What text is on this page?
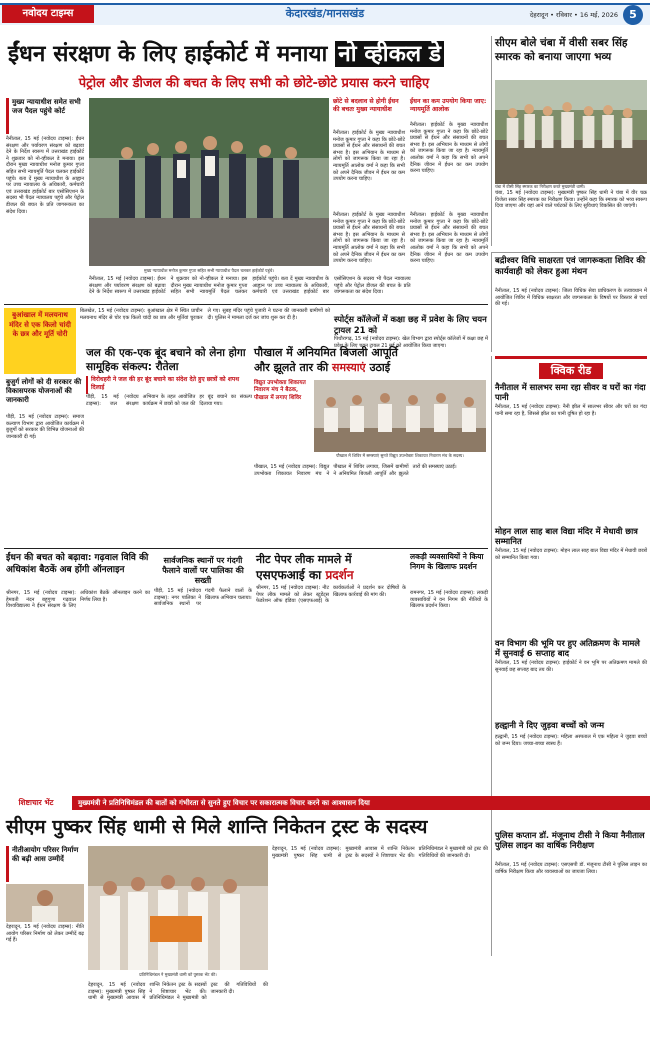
नवोदय टाइम्स	केदारखंड/मानसखंड	देहरादून • रविवार • 16 मई, 2026	5
ईंधन संरक्षण के लिए हाईकोर्ट में मनाया नो व्हीकल डे
पेट्रोल और डीजल की बचत के लिए सभी को छोटे-छोटे प्रयास करने चाहिए
सीएम बोले चंबा में वीसी सबर सिंह स्मारक को बनाया जाएगा भव्य
चंबा में वीसी सिंह स्मारक का निरीक्षण करते मुख्यमंत्री धामी।
चंबा, 15 मई (नवोदय टाइम्स): मुख्यमंत्री पुष्कर सिंह धामी ने चंबा में वीर चक्र विजेता सबर सिंह स्मारक का निरीक्षण किया। उन्होंने कहा कि स्मारक को भव्य स्वरूप दिया जाएगा और यहां आने वाले पर्यटकों के लिए सुविधाएं विकसित की जाएंगी।
मुख्य न्यायाधीश समेत सभी जज पैदल पहुंचे कोर्ट
नैनीताल, 15 मई (नवोदय टाइम्स): ईंधन संरक्षण और पर्यावरण संरक्षण को बढ़ावा देने के निर्देश स्वरूप में उत्तराखंड हाईकोर्ट ने शुक्रवार को नो-व्हीकल डे मनाया। इस दौरान मुख्य न्यायाधीश मनोज कुमार गुप्ता सहित सभी न्यायमूर्ति पैदल चलकर हाईकोर्ट पहुंचे। बता दें मुख्य न्यायाधीश के आह्वान पर उच्च न्यायालय के अधिकारी, कर्मचारी एवं उत्तराखंड हाईकोर्ट बार एसोसिएशन के सदस्य भी पैदल न्यायालय पहुंचे और पेट्रोल डीजल की बचत के प्रति जागरूकता का संदेश दिया।
मुख्य न्यायाधीश मनोज कुमार गुप्ता सहित सभी न्यायाधीश पैदल चलकर हाईकोर्ट पहुंचे।
छोटे से बदलाव से होगी ईंधन की बचतः मुख्य न्यायाधीश
नैनीताल। हाईकोर्ट के मुख्य न्यायाधीश मनोज कुमार गुप्ता ने कहा कि छोटे-छोटे प्रयासों से ईंधन और संसाधनों की बचत संभव है। इस अभियान के माध्यम से लोगों को जागरूक किया जा रहा है। न्यायमूर्ति आलोक वर्मा ने कहा कि सभी को अपने दैनिक जीवन में ईंधन का कम उपयोग करना चाहिए।
ईंधन का कम उपयोग किया जाए: न्यायमूर्ति आलोक
नैनीताल। हाईकोर्ट के मुख्य न्यायाधीश मनोज कुमार गुप्ता ने कहा कि छोटे-छोटे प्रयासों से ईंधन और संसाधनों की बचत संभव है। इस अभियान के माध्यम से लोगों को जागरूक किया जा रहा है। न्यायमूर्ति आलोक वर्मा ने कहा कि सभी को अपने दैनिक जीवन में ईंधन का कम उपयोग करना चाहिए।
नैनीताल। हाईकोर्ट के मुख्य न्यायाधीश मनोज कुमार गुप्ता ने कहा कि छोटे-छोटे प्रयासों से ईंधन और संसाधनों की बचत संभव है। इस अभियान के माध्यम से लोगों को जागरूक किया जा रहा है। न्यायमूर्ति आलोक वर्मा ने कहा कि सभी को अपने दैनिक जीवन में ईंधन का कम उपयोग करना चाहिए।
नैनीताल। हाईकोर्ट के मुख्य न्यायाधीश मनोज कुमार गुप्ता ने कहा कि छोटे-छोटे प्रयासों से ईंधन और संसाधनों की बचत संभव है। इस अभियान के माध्यम से लोगों को जागरूक किया जा रहा है। न्यायमूर्ति आलोक वर्मा ने कहा कि सभी को अपने दैनिक जीवन में ईंधन का कम उपयोग करना चाहिए।
नैनीताल, 15 मई (नवोदय टाइम्स): ईंधन संरक्षण और पर्यावरण संरक्षण को बढ़ावा देने के निर्देश स्वरूप में उत्तराखंड हाईकोर्ट ने शुक्रवार को नो-व्हीकल डे मनाया। इस दौरान मुख्य न्यायाधीश मनोज कुमार गुप्ता सहित सभी न्यायमूर्ति पैदल चलकर हाईकोर्ट पहुंचे। बता दें मुख्य न्यायाधीश के आह्वान पर उच्च न्यायालय के अधिकारी, कर्मचारी एवं उत्तराखंड हाईकोर्ट बार एसोसिएशन के सदस्य भी पैदल न्यायालय पहुंचे और पेट्रोल डीजल की बचत के प्रति जागरूकता का संदेश दिया।
बुआंखाल में मलयनाथ मंदिर से एक किलो चांदी के छत्र और मूर्ति चोरी
बिलखेत, 15 मई (नवोदय टाइम्स): बुआंखाल क्षेत्र में स्थित प्राचीन मलयनाथ मंदिर से चोर एक किलो चांदी का छत्र और मूर्तियां चुराकर ले गए। सुबह मंदिर पहुंचे पुजारी ने घटना की जानकारी ग्रामीणों को दी। पुलिस ने मामला दर्ज कर जांच शुरू कर दी है।	स्पोर्ट्स कॉलेजों में कक्षा छह में प्रवेश के लिए चयन ट्रायल 21 को
पिथौरागढ़, 15 मई (नवोदय टाइम्स): खेल विभाग द्वारा स्पोर्ट्स कॉलेजों में कक्षा छह में प्रवेश के लिए चयन ट्रायल 21 मई को आयोजित किया जाएगा।
बद्रीश्वर विधि साक्षरता एवं जागरूकता शिविर की कार्यवाही को लेकर हुआ मंथन
नैनीताल, 15 मई (नवोदय टाइम्स): जिला विधिक सेवा प्राधिकरण के तत्वावधान में आयोजित शिविर में विधिक साक्षरता और जागरूकता के विषयों पर विस्तार से चर्चा की गई।
बुजुर्ग लोगों को दी सरकार की विकासपरक योजनाओं की जानकारी
पौड़ी, 15 मई (नवोदय टाइम्स): समाज कल्याण विभाग द्वारा आयोजित कार्यक्रम में बुजुर्गों को सरकार की विभिन्न योजनाओं की जानकारी दी गई।
जल की एक-एक बूंद बचाने को लेना होगा सामूहिक संकल्प: रौतेला
विरोधहरी ने जल की हर बूंद बचाने का संदेश देते हुए छात्रों को शपथ दिलाई
पौड़ी, 15 मई (नवोदय टाइम्स): जल संरक्षण अभियान के तहत आयोजित कार्यक्रम में छात्रों को जल की हर बूंद बचाने का संकल्प दिलाया गया।
पौखाल में अनियमित बिजली आपूर्ति
और झूलते तार की समस्याएं उठाई
विद्युत उपभोक्ता शिकायत निवारण मंच ने बैठक, पौखाल में लगाए शिविर
पौखाल में शिविर में समस्याएं सुनते विद्युत उपभोक्ता शिकायत निवारण मंच के सदस्य।
पौखाल, 15 मई (नवोदय टाइम्स): विद्युत उपभोक्ता शिकायत निवारण मंच ने पौखाल में शिविर लगाया, जिसमें ग्रामीणों ने अनियमित बिजली आपूर्ति और झूलते तारों की समस्याएं उठाईं।
क्विक रीड
नैनीताल में सालभर समा रहा सीवर व घरों का गंदा पानी
नैनीताल, 15 मई (नवोदय टाइम्स): नैनी झील में सालभर सीवर और घरों का गंदा पानी समा रहा है, जिससे झील का पानी दूषित हो रहा है।
मोहन लाल साह बाल विद्या मंदिर में मेधावी छात्र सम्मानित
नैनीताल, 15 मई (नवोदय टाइम्स): मोहन लाल साह बाल विद्या मंदिर में मेधावी छात्रों को सम्मानित किया गया।
वन विभाग की भूमि पर हुए अतिक्रमण के मामले में सुनवाई 6 सप्ताह बाद
नैनीताल, 15 मई (नवोदय टाइम्स): हाईकोर्ट ने वन भूमि पर अतिक्रमण मामले की सुनवाई छह सप्ताह बाद तय की।
हल्द्वानी ने दिए जुड़वा बच्चों को जन्म
हल्द्वानी, 15 मई (नवोदय टाइम्स): महिला अस्पताल में एक महिला ने जुड़वा बच्चों को जन्म दिया। जच्चा-बच्चा स्वस्थ हैं।
पुलिस कप्तान डॉ. मंजूनाथ टीसी ने किया नैनीताल पुलिस लाइन का वार्षिक निरीक्षण
नैनीताल, 15 मई (नवोदय टाइम्स): एसएसपी डॉ. मंजूनाथ टीसी ने पुलिस लाइन का वार्षिक निरीक्षण किया और व्यवस्थाओं का जायजा लिया।
ईंधन की बचत को बढ़ावा: गढ़वाल विवि की अधिकांश बैठकें अब होंगी ऑनलाइन
श्रीनगर, 15 मई (नवोदय टाइम्स): हेमवती नंदन बहुगुणा गढ़वाल विश्वविद्यालय ने ईंधन संरक्षण के लिए अधिकांश बैठकें ऑनलाइन करने का निर्णय लिया है।
सार्वजनिक स्थानों पर गंदगी फैलाने वालों पर पालिका की सख्ती
पौड़ी, 15 मई (नवोदय टाइम्स): नगर पालिका ने सार्वजनिक स्थानों पर गंदगी फैलाने वालों के खिलाफ अभियान चलाया।
नीट पेपर लीक मामले में
एसएफआई का प्रदर्शन
श्रीनगर, 15 मई (नवोदय टाइम्स): नीट पेपर लीक मामले को लेकर स्टूडेंट्स फेडरेशन ऑफ इंडिया (एसएफआई) के कार्यकर्ताओं ने प्रदर्शन कर दोषियों के खिलाफ कार्रवाई की मांग की।
लकड़ी व्यवसायियों ने किया निगम के खिलाफ प्रदर्शन
रामनगर, 15 मई (नवोदय टाइम्स): लकड़ी व्यवसायियों ने वन निगम की नीतियों के खिलाफ प्रदर्शन किया।
शिष्टाचार भेंट	मुख्यमंत्री ने प्रतिनिधिमंडल की बातों को गंभीरता से सुनते हुए विचार पर सकारात्मक विचार करने का आश्वासन दिया
सीएम पुष्कर सिंह धामी से मिले शान्ति निकेतन ट्रस्ट के सदस्य
नीतीआयोग परिसर निर्माण की बढ़ी आस उम्मीदें
देहरादून, 15 मई (नवोदय टाइम्स): नीति आयोग परिसर निर्माण को लेकर उम्मीदें बढ़ गई हैं।
प्रतिनिधिमंडल ने मुख्यमंत्री धामी को पुस्तक भेंट की।
देहरादून, 15 मई (नवोदय टाइम्स): मुख्यमंत्री पुष्कर सिंह धामी से मुख्यमंत्री आवास में शान्ति निकेतन ट्रस्ट के सदस्यों ने शिष्टाचार भेंट की। प्रतिनिधिमंडल ने मुख्यमंत्री को ट्रस्ट की गतिविधियों की जानकारी दी।
देहरादून, 15 मई (नवोदय टाइम्स): मुख्यमंत्री पुष्कर सिंह धामी से मुख्यमंत्री आवास में शान्ति निकेतन ट्रस्ट के सदस्यों ने शिष्टाचार भेंट की। प्रतिनिधिमंडल ने मुख्यमंत्री को ट्रस्ट की गतिविधियों की जानकारी दी।
